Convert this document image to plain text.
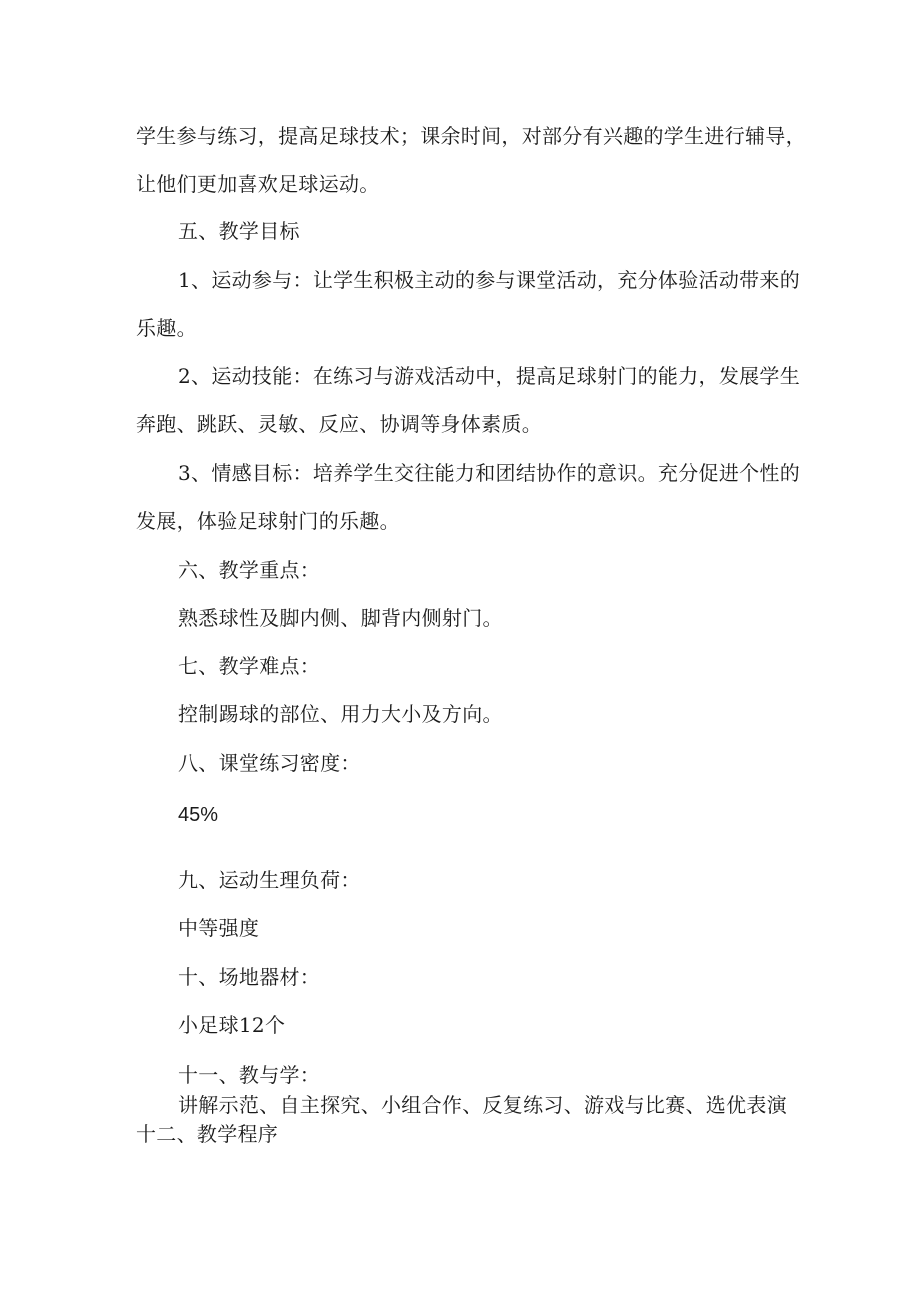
学生参与练习，提高足球技术；课余时间，对部分有兴趣的学生进行辅导，
让他们更加喜欢足球运动。
五、教学目标
1、运动参与：让学生积极主动的参与课堂活动，充分体验活动带来的
乐趣。
2、运动技能：在练习与游戏活动中，提高足球射门的能力，发展学生
奔跑、跳跃、灵敏、反应、协调等身体素质。
3、情感目标：培养学生交往能力和团结协作的意识。充分促进个性的
发展，体验足球射门的乐趣。
六、教学重点：
熟悉球性及脚内侧、脚背内侧射门。
七、教学难点：
控制踢球的部位、用力大小及方向。
八、课堂练习密度：
45%
九、运动生理负荷：
中等强度
十、场地器材：
小足球12个
十一、教与学：
讲解示范、自主探究、小组合作、反复练习、游戏与比赛、选优表演
十二、教学程序
